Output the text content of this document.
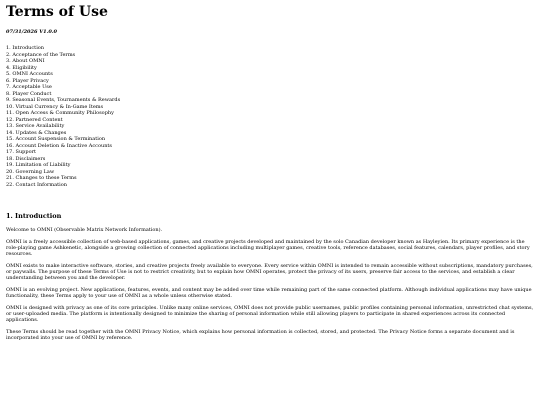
Terms of Use
07/31/2026 V1.0.0
1. Introduction
2. Acceptance of the Terms
3. About OMNI
4. Eligibility
5. OMNI Accounts
6. Player Privacy
7. Acceptable Use
8. Player Conduct
9. Seasonal Events, Tournaments & Rewards
10. Virtual Currency & In-Game Items
11. Open Access & Community Philosophy
12. Partnered Content
13. Service Availability
14. Updates & Changes
15. Account Suspension & Termination
16. Account Deletion & Inactive Accounts
17. Support
18. Disclaimers
19. Limitation of Liability
20. Governing Law
21. Changes to these Terms
22. Contact Information
1. Introduction

Welcome to OMNI (Observable Matrix Network Information).

OMNI is a freely accessible collection of web-based applications, games, and creative projects developed and maintained by the solo Canadian developer known as Hayleyien. Its primary experience is the role-playing game Ashkenetic, alongside a growing collection of connected applications including multiplayer games, creative tools, reference databases, social features, calendars, player profiles, and story resources.

OMNI exists to make interactive software, stories, and creative projects freely available to everyone. Every service within OMNI is intended to remain accessible without subscriptions, mandatory purchases, or paywalls. The purpose of these Terms of Use is not to restrict creativity, but to explain how OMNI operates, protect the privacy of its users, preserve fair access to the services, and establish a clear understanding between you and the developer.

OMNI is an evolving project. New applications, features, events, and content may be added over time while remaining part of the same connected platform. Although individual applications may have unique functionality, these Terms apply to your use of OMNI as a whole unless otherwise stated.

OMNI is designed with privacy as one of its core principles. Unlike many online services, OMNI does not provide public usernames, public profiles containing personal information, unrestricted chat systems, or user-uploaded media. The platform is intentionally designed to minimize the sharing of personal information while still allowing players to participate in shared experiences across its connected applications.

These Terms should be read together with the OMNI Privacy Notice, which explains how personal information is collected, stored, and protected. The Privacy Notice forms a separate document and is incorporated into your use of OMNI by reference.
